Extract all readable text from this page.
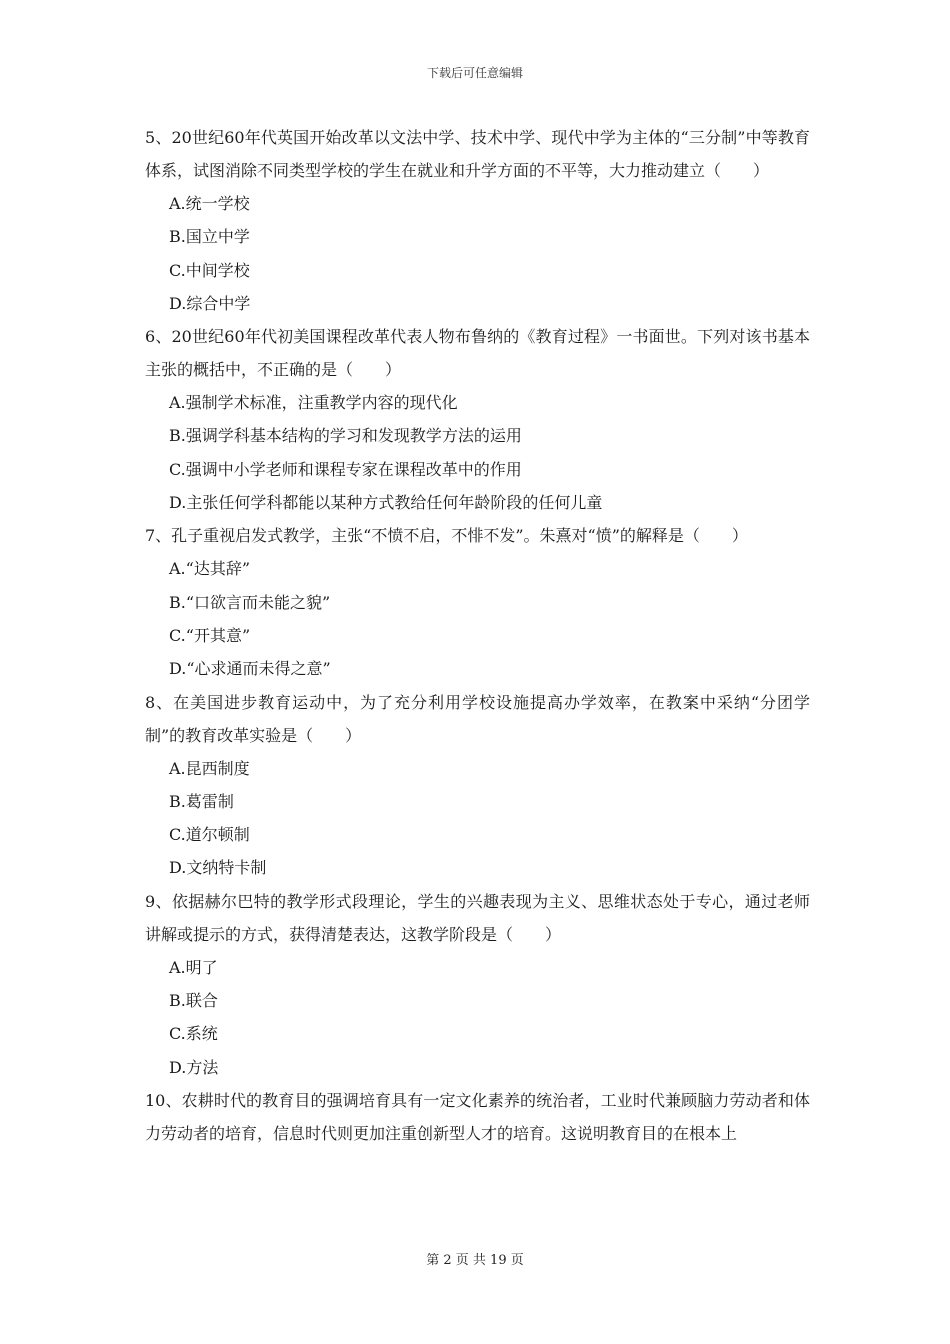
下载后可任意编辑

5、20世纪60年代英国开始改革以文法中学、技术中学、现代中学为主体的“三分制”中等教育体系，试图消除不同类型学校的学生在就业和升学方面的不平等，大力推动建立（　　）

A.统一学校

B.国立中学

C.中间学校

D.综合中学

6、20世纪60年代初美国课程改革代表人物布鲁纳的《教育过程》一书面世。下列对该书基本主张的概括中，不正确的是（　　）

A.强制学术标准，注重教学内容的现代化

B.强调学科基本结构的学习和发现教学方法的运用

C.强调中小学老师和课程专家在课程改革中的作用

D.主张任何学科都能以某种方式教给任何年龄阶段的任何儿童

7、孔子重视启发式教学，主张“不愤不启，不悱不发”。朱熹对“愤”的解释是（　　）

A.“达其辞”

B.“口欲言而未能之貌”

C.“开其意”

D.“心求通而未得之意”

8、在美国进步教育运动中，为了充分利用学校设施提高办学效率，在教案中采纳“分团学制”的教育改革实验是（　　）

A.昆西制度

B.葛雷制

C.道尔顿制

D.文纳特卡制

9、依据赫尔巴特的教学形式段理论，学生的兴趣表现为主义、思维状态处于专心，通过老师讲解或提示的方式，获得清楚表达，这教学阶段是（　　）

A.明了

B.联合

C.系统

D.方法

10、农耕时代的教育目的强调培育具有一定文化素养的统治者，工业时代兼顾脑力劳动者和体力劳动者的培育，信息时代则更加注重创新型人才的培育。这说明教育目的在根本上

第 2 页 共 19 页
